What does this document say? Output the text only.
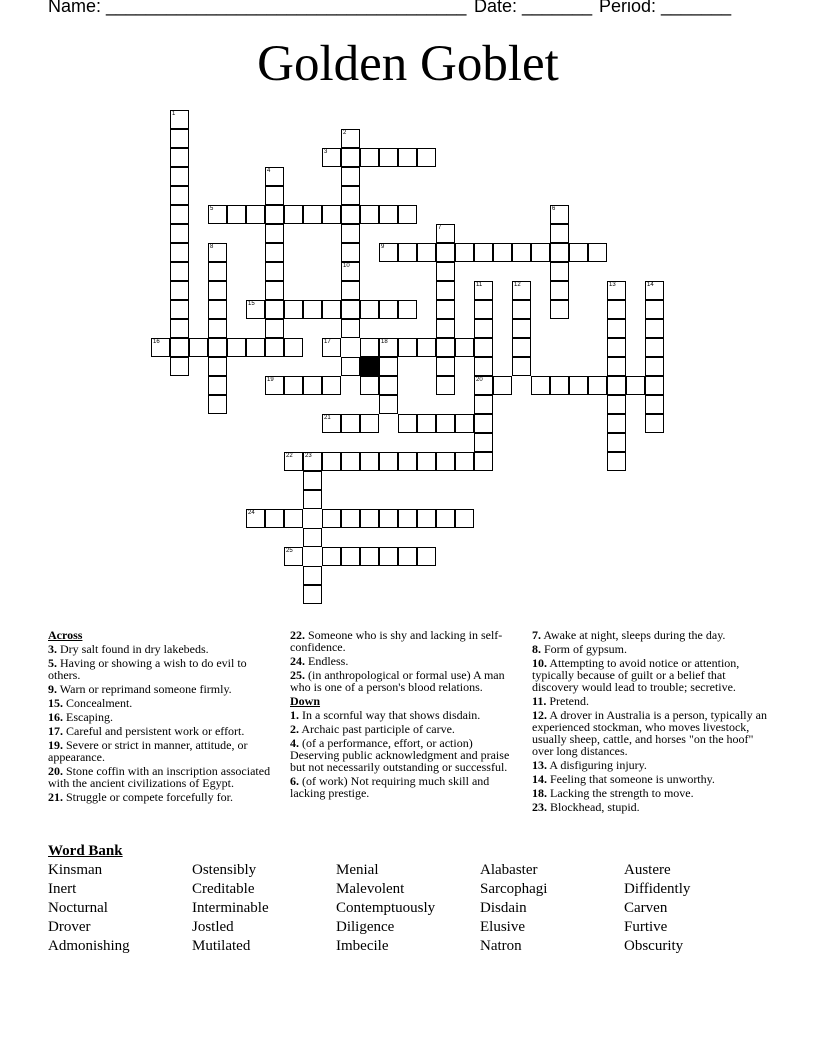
Name: ____________________________________ Date: _______ Period: _______
Golden Goblet
1
2
3
4
5	6
7
8	9
10
11
20
12	13	14
15
16	17	18
19
21
22 23
24
25
Across
3. Dry salt found in dry lakebeds.
5. Having or showing a wish to do evil to others.
9. Warn or reprimand someone firmly.
15. Concealment.
16. Escaping.
17. Careful and persistent work or effort.
19. Severe or strict in manner, attitude, or appearance.
20. Stone coffin with an inscription associated with the ancient civilizations of Egypt.
21. Struggle or compete forcefully for.
22. Someone who is shy and lacking in self-confidence.
24. Endless.
25. (in anthropological or formal use) A man who is one of a person's blood relations.
Down
1. In a scornful way that shows disdain.
2. Archaic past participle of carve.
4. (of a performance, effort, or action) Deserving public acknowledgment and praise but not necessarily outstanding or successful.
6. (of work) Not requiring much skill and lacking prestige.
7. Awake at night, sleeps during the day.
8. Form of gypsum.
10. Attempting to avoid notice or attention, typically because of guilt or a belief that discovery would lead to trouble; secretive.
11. Pretend.
12. A drover in Australia is a person, typically an experienced stockman, who moves livestock, usually sheep, cattle, and horses "on the hoof" over long distances.
13. A disfiguring injury.
14. Feeling that someone is unworthy.
18. Lacking the strength to move.
23. Blockhead, stupid.
Word Bank
Kinsman	Ostensibly	Menial	Alabaster	Austere
Inert	Creditable	Malevolent	Sarcophagi	Diffidently
Nocturnal	Interminable	Contemptuously	Disdain	Carven
Drover	Jostled	Diligence	Elusive	Furtive
Admonishing	Mutilated	Imbecile	Natron	Obscurity
